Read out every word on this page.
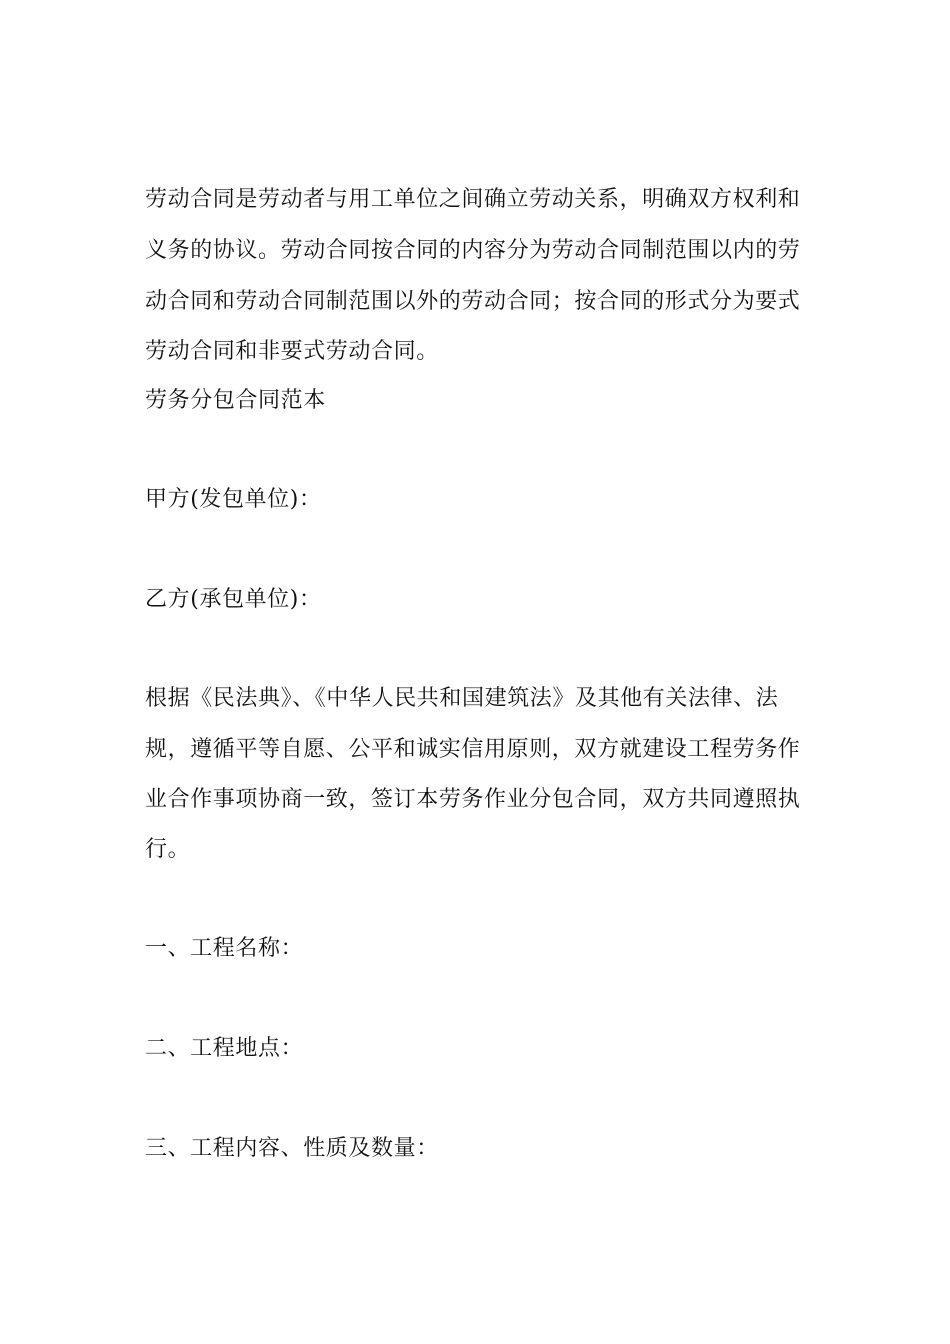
劳动合同是劳动者与用工单位之间确立劳动关系，明确双方权利和
义务的协议。劳动合同按合同的内容分为劳动合同制范围以内的劳
动合同和劳动合同制范围以外的劳动合同；按合同的形式分为要式
劳动合同和非要式劳动合同。
劳务分包合同范本
甲方(发包单位)：
乙方(承包单位)：
根据《民法典》、《中华人民共和国建筑法》及其他有关法律、法
规，遵循平等自愿、公平和诚实信用原则，双方就建设工程劳务作
业合作事项协商一致，签订本劳务作业分包合同，双方共同遵照执
行。
一、工程名称：
二、工程地点：
三、工程内容、性质及数量：
